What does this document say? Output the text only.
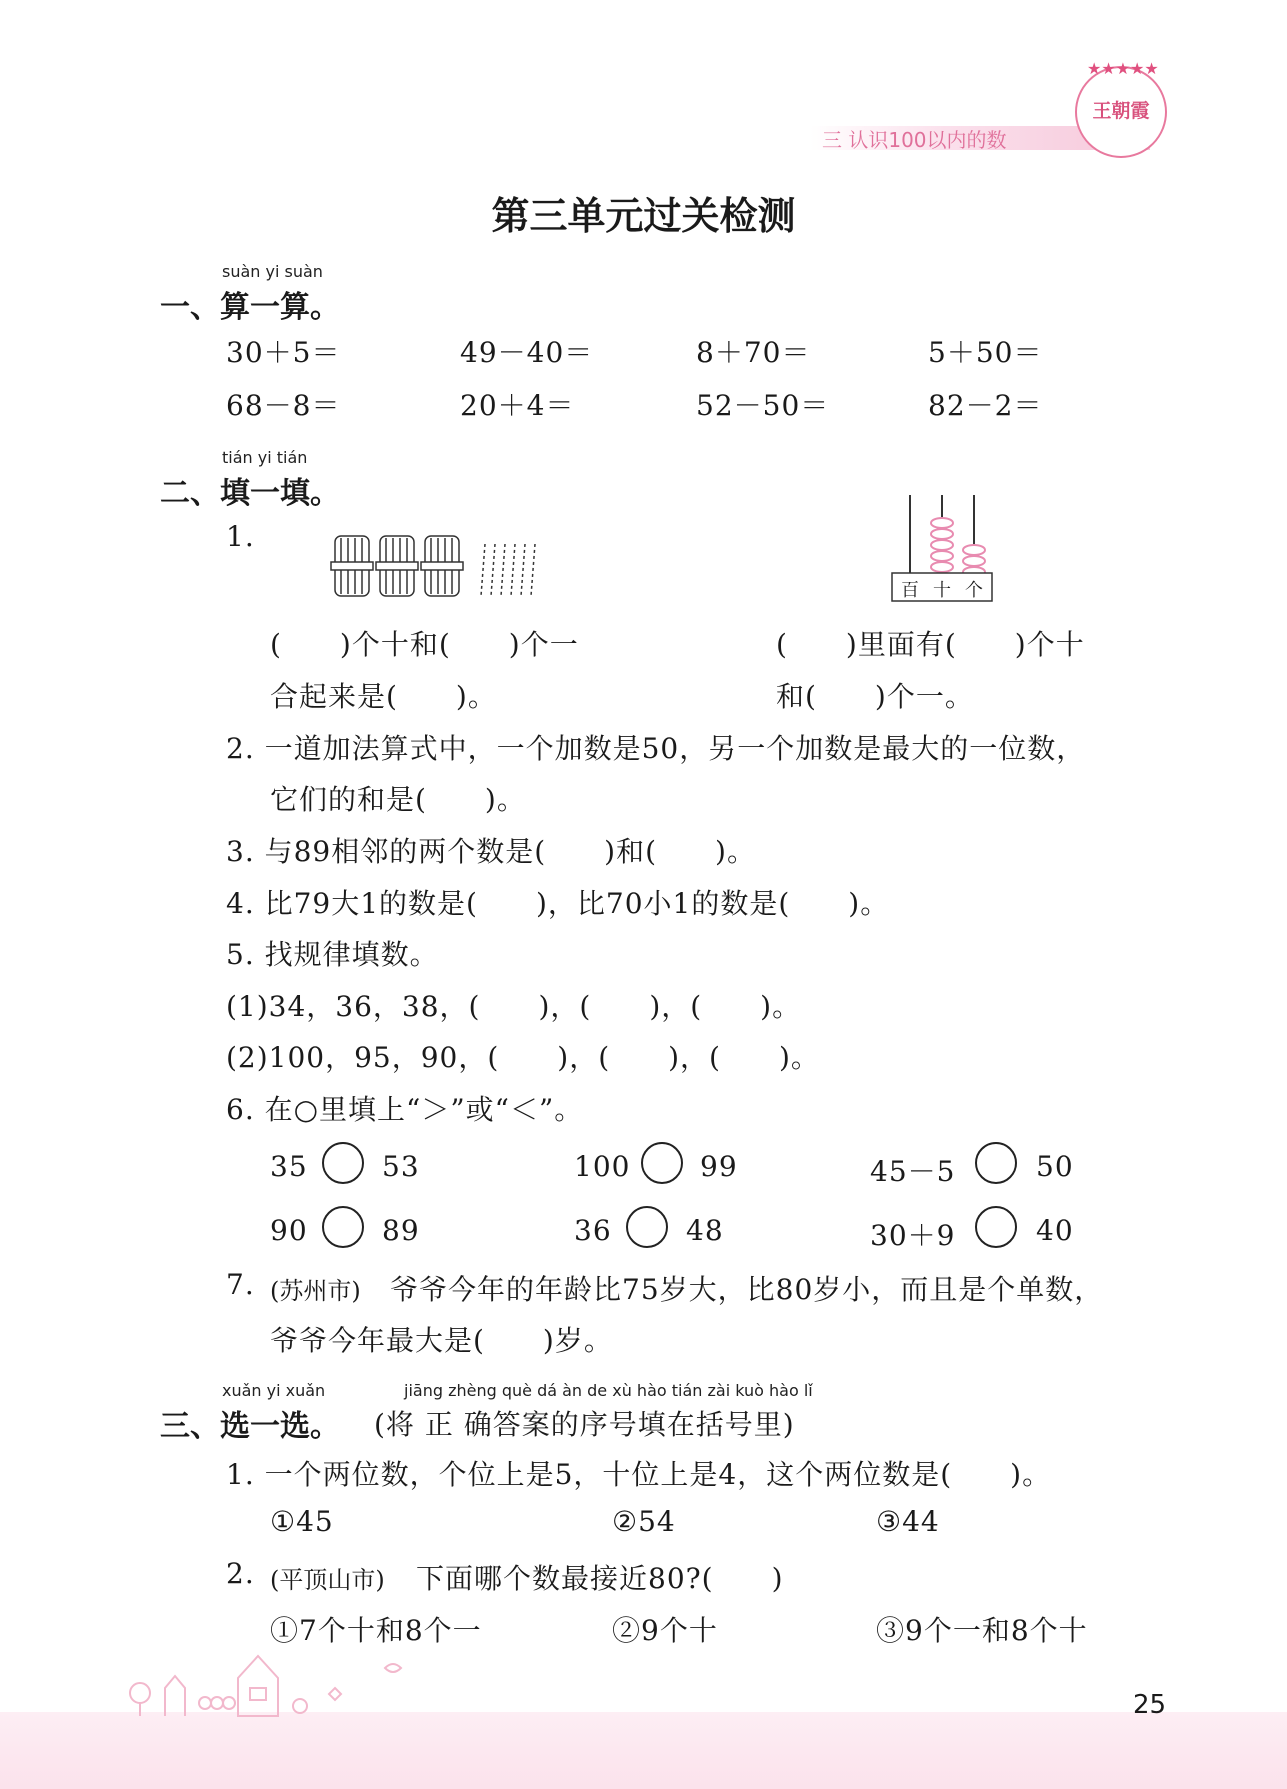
三 认识100以内的数
★★★★★
王朝霞
第三单元过关检测
suàn yi suàn
一、算一算。
30＋5＝	49－40＝	8＋70＝	5＋50＝
68－8＝	20＋4＝	52－50＝	82－2＝
tián yi tián
二、填一填。
1.
百 十 个
(　　)个十和(　　)个一
合起来是(　　)。
(　　)里面有(　　)个十
和(　　)个一。
2. 一道加法算式中，一个加数是50，另一个加数是最大的一位数，
它们的和是(　　)。
3. 与89相邻的两个数是(　　)和(　　)。
4. 比79大1的数是(　　)，比70小1的数是(　　)。
5. 找规律填数。
(1)34，36，38，(　　)，(　　)，(　　)。
(2)100，95，90，(　　)，(　　)，(　　)。
6. 在○里填上“＞”或“＜”。
35	53	100 99	45－5	50
90	89	36	48	30＋9	40
7. (苏州市) 爷爷今年的年龄比75岁大，比80岁小，而且是个单数，
爷爷今年最大是(　　)岁。
xuǎn yi xuǎn	jiāng zhèng què dá àn de xù hào tián zài kuò hào lǐ
三、选一选。 (将 正 确答案的序号填在括号里)
1. 一个两位数，个位上是5，十位上是4，这个两位数是(　　)。
①45	②54	③44
2. (平顶山市) 下面哪个数最接近80?(　　)
①7个十和8个一	②9个十	③9个一和8个十
25
